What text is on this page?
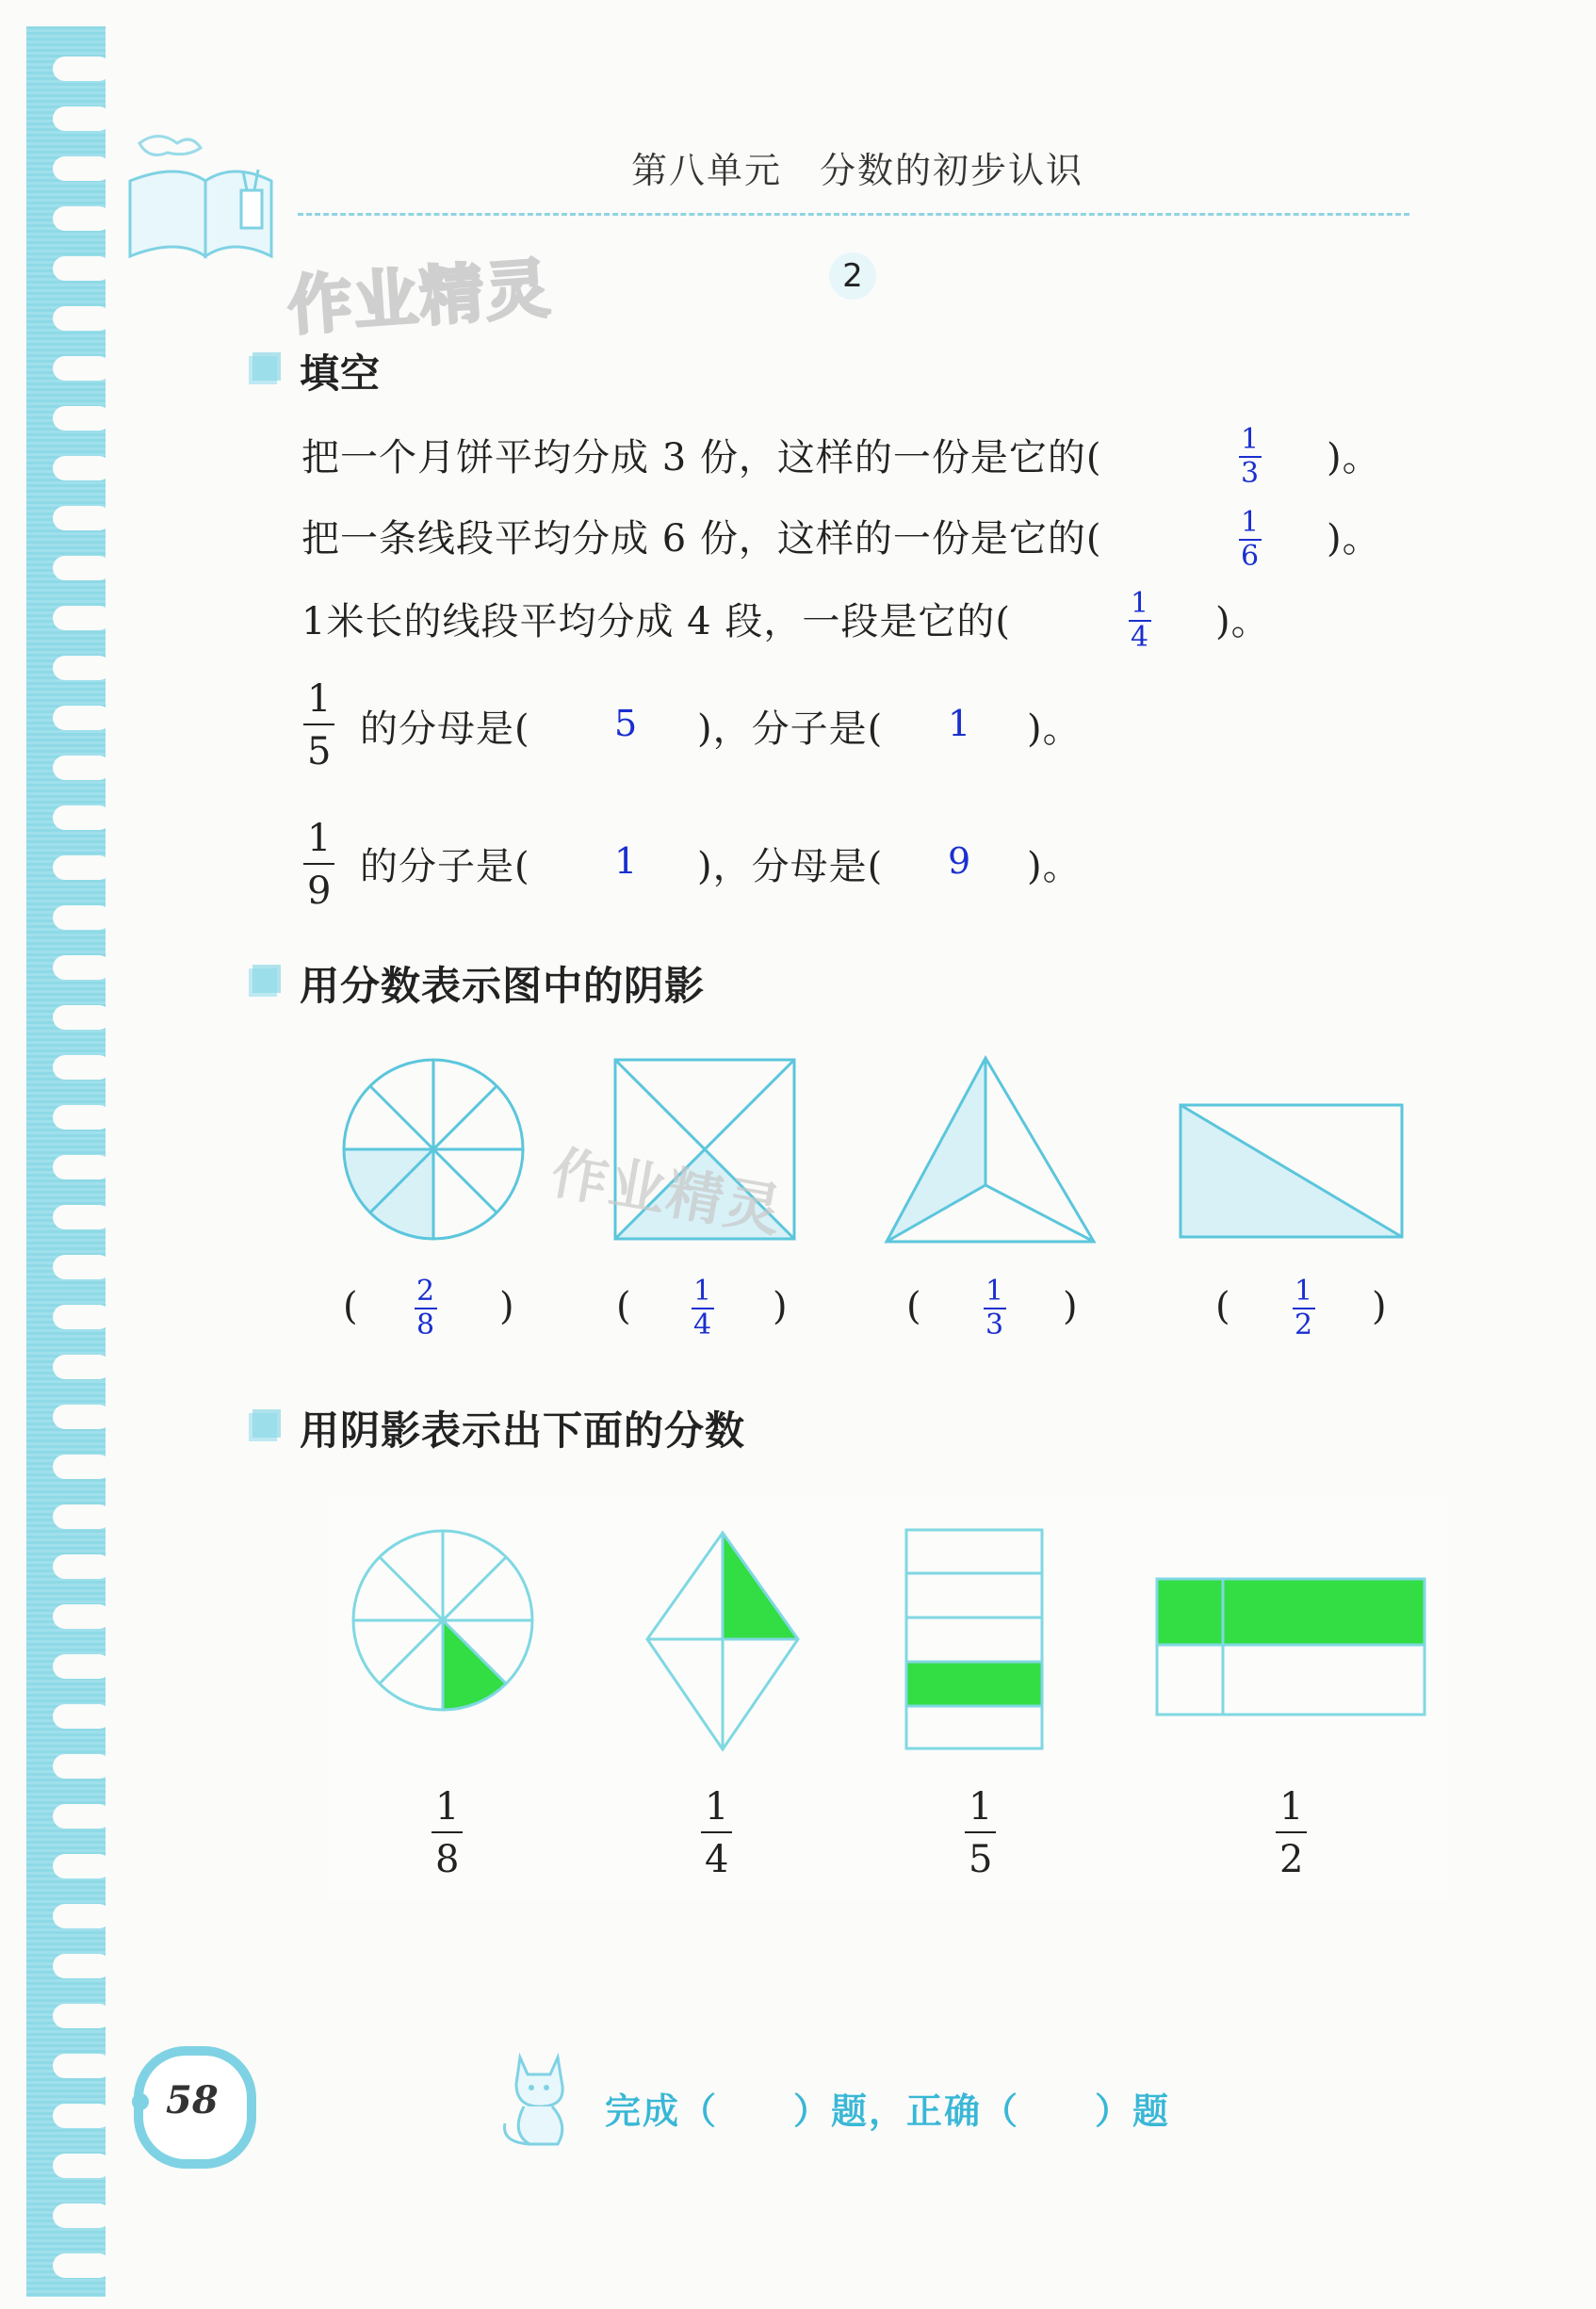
第八单元　分数的初步认识
作业精灵	2
填空
把一个月饼平均分成 3 份，这样的一份是它的(	$\frac{1}{3}$ )。
把一条线段平均分成 6 份，这样的一份是它的(	$\frac{1}{6}$ )。
1米长的线段平均分成 4 段，一段是它的(	$\frac{1}{4}$ )。
1
5
的分母是( 5 )，分子是( 1 )。
1
9
的分子是( 1 )，分母是( 9 )。
用分数表示图中的阴影
作业精灵
( $\frac{2}{8}$ )	( $\frac{1}{4}$ )	( $\frac{1}{3}$ )	( $\frac{1}{2}$ )
用阴影表示出下面的分数
1
8
1
4
1
5
1
2
58	完成（　　）题，正确（　　）题
